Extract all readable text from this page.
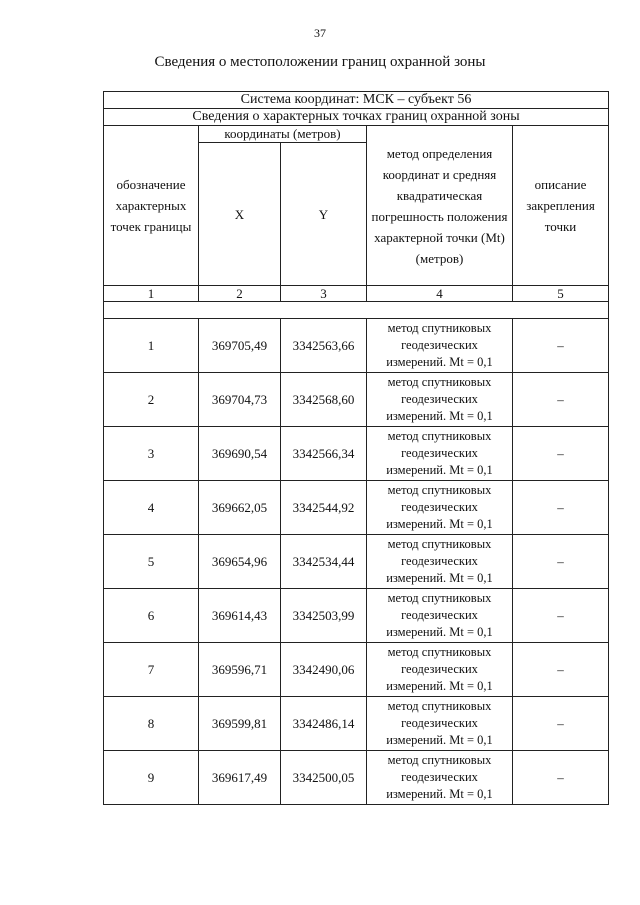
37
Сведения о местоположении границ охранной зоны
Система координат: МСК – субъект 56				
Сведения о характерных точках границ охранной зоны				
обозначение характерных точек границы	координаты (метров)		метод определения координат и средняя квадратическая погрешность положения характерной точки (Mt) (метров)	описание закрепления точки
	X	Y		
1	2	3	4	5

1	369705,49	3342563,66	метод спутниковых геодезических измерений. Mt = 0,1	–
2	369704,73	3342568,60	метод спутниковых геодезических измерений. Mt = 0,1	–
3	369690,54	3342566,34	метод спутниковых геодезических измерений. Mt = 0,1	–
4	369662,05	3342544,92	метод спутниковых геодезических измерений. Mt = 0,1	–
5	369654,96	3342534,44	метод спутниковых геодезических измерений. Mt = 0,1	–
6	369614,43	3342503,99	метод спутниковых геодезических измерений. Mt = 0,1	–
7	369596,71	3342490,06	метод спутниковых геодезических измерений. Mt = 0,1	–
8	369599,81	3342486,14	метод спутниковых геодезических измерений. Mt = 0,1	–
9	369617,49	3342500,05	метод спутниковых геодезических измерений. Mt = 0,1	–
